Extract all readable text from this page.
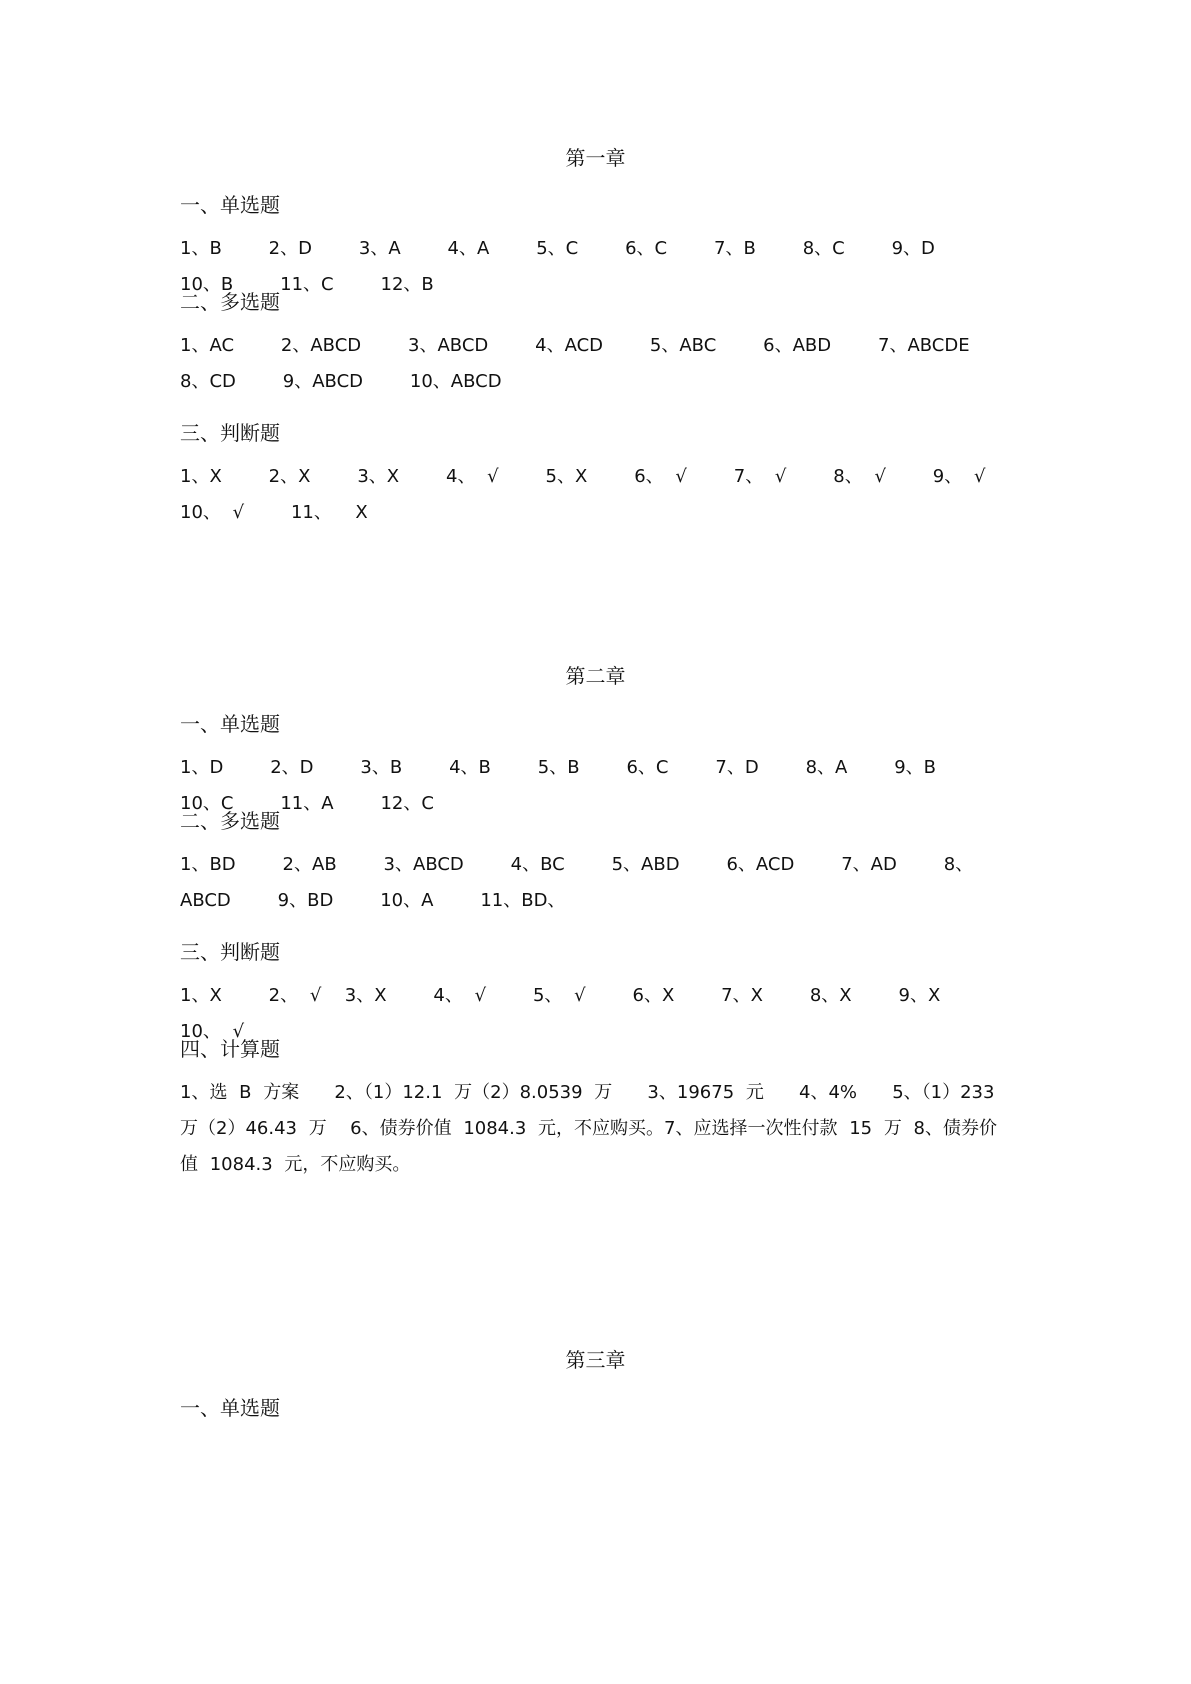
第一章
一、单选题
1、B    2、D    3、A    4、A    5、C    6、C    7、B    8、C    9、D    10、B    11、C    12、B
二、多选题
1、AC    2、ABCD    3、ABCD    4、ACD    5、ABC    6、ABD    7、ABCDE    8、CD    9、ABCD    10、ABCD
三、判断题
1、X    2、X    3、X    4、 √    5、X    6、 √    7、 √    8、 √    9、 √    10、 √    11、  X
第二章
一、单选题
1、D    2、D    3、B    4、B    5、B    6、C    7、D    8、A    9、B    10、C    11、A    12、C
二、多选题
1、BD    2、AB    3、ABCD    4、BC    5、ABD    6、ACD    7、AD    8、ABCD    9、BD    10、A    11、BD、
三、判断题
1、X    2、 √  3、X    4、 √    5、 √    6、X    7、X    8、X    9、X    10、 √
四、计算题
1、选 B 方案   2、（1）12.1 万（2）8.0539 万   3、19675 元   4、4%   5、（1）233 万（2）46.43 万  6、债券价值 1084.3 元，不应购买。7、应选择一次性付款 15 万 8、债券价值 1084.3 元，不应购买。
第三章
一、单选题
